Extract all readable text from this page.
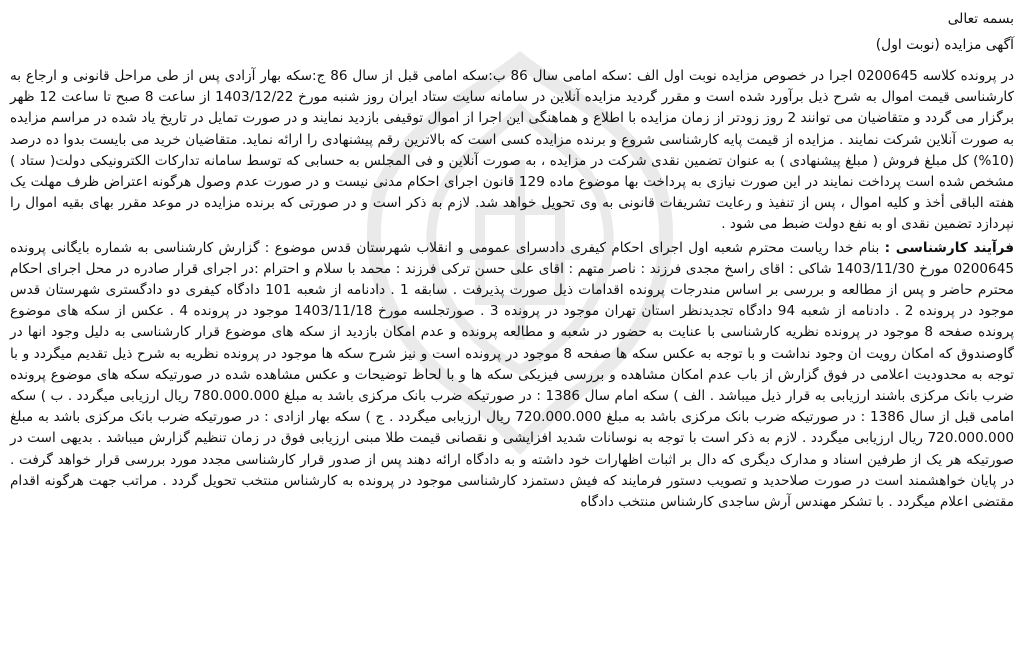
بسمه تعالی

آگهی مزایده (نوبت اول)

در پرونده کلاسه 0200645 اجرا در خصوص مزایده نوبت اول الف :سکه امامی سال 86 ب:سکه امامی قبل از سال 86 ج:سکه بهار آزادی پس از طی مراحل قانونی و ارجاع به کارشناسی قیمت اموال به شرح ذیل برآورد شده است و مقرر گردید مزایده آنلاین در سامانه سایت ستاد ایران روز شنبه مورخ 1403/12/22 از ساعت 8 صبح تا ساعت 12 ظهر برگزار می گردد و متقاضیان می توانند 2 روز زودتر از زمان مزایده با اطلاع و هماهنگی این اجرا از اموال توقیفی بازدید نمایند و در صورت تمایل در تاریخ یاد شده در مراسم مزایده به صورت آنلاین شرکت نمایند . مزایده از قیمت پایه کارشناسی شروع و برنده مزایده کسی است که بالاترین رقم پیشنهادی را ارائه نماید. متقاضیان خرید می بایست بدوا ده درصد (10%) کل مبلغ فروش ( مبلغ پیشنهادی ) به عنوان تضمین نقدی شرکت در مزایده ، به صورت آنلاین و فی المجلس به حسابی که توسط سامانه تدارکات الکترونیکی دولت( ستاد ) مشخص شده است پرداخت نمایند در این صورت نیازی به پرداخت بها موضوع ماده 129 قانون اجرای احکام مدنی نیست و در صورت عدم وصول هرگونه اعتراض ظرف مهلت یک هفته الباقی أخذ و کلیه اموال ، پس از تنفیذ و رعایت تشریفات قانونی به وی تحویل خواهد شد. لازم به ذکر است و در صورتی که برنده مزایده در موعد مقرر بهای بقیه اموال را نپردازد تضمین نقدی او به نفع دولت ضبط می شود .

فرآیند کارشناسی : بنام خدا ریاست محترم شعبه اول اجرای احکام کیفری دادسرای عمومی و انقلاب شهرستان قدس موضوع : گزارش کارشناسی به شماره بایگانی پرونده 0200645 مورخ 1403/11/30 شاکی : اقای راسخ مجدی فرزند : ناصر متهم : اقای علی حسن ترکی فرزند : محمد با سلام و احترام :در اجرای قرار صادره در محل اجرای احکام محترم حاضر و پس از مطالعه و بررسی بر اساس مندرجات پرونده اقدامات ذیل صورت پذیرفت . سابقه 1 . دادنامه از شعبه 101 دادگاه کیفری دو دادگستری شهرستان قدس موجود در پرونده 2 . دادنامه از شعبه 94 دادگاه تجدیدنظر استان تهران موجود در پرونده 3 . صورتجلسه مورخ 1403/11/18 موجود در پرونده 4 . عکس از سکه های موضوع پرونده صفحه 8 موجود در پرونده نظریه کارشناسی با عنایت به حضور در شعبه و مطالعه پرونده و عدم امکان بازدید از سکه های موضوع قرار کارشناسی به دلیل وجود انها در گاوصندوق که امکان رویت ان وجود نداشت و با توجه به عکس سکه ها صفحه 8 موجود در پرونده است و نیز شرح سکه ها موجود در پرونده نظریه به شرح ذیل تقدیم میگردد و با توجه به محدودیت اعلامی در فوق گزارش از باب عدم امکان مشاهده و بررسی فیزیکی سکه ها و با لحاظ توضیحات و عکس مشاهده شده در صورتیکه سکه های موضوع پرونده ضرب بانک مرکزی باشند ارزیابی به قرار ذیل میباشد . الف ) سکه امام سال 1386 : در صورتیکه ضرب بانک مرکزی باشد به مبلغ 780.000.000 ریال ارزیابی میگردد . ب ) سکه امامی قبل از سال 1386 : در صورتیکه ضرب بانک مرکزی باشد به مبلغ 720.000.000 ریال ارزیابی میگردد . ج ) سکه بهار ازادی : در صورتیکه ضرب بانک مرکزی باشد به مبلغ 720.000.000 ریال ارزیابی میگردد . لازم به ذکر است با توجه به نوسانات شدید افزایشی و نقصانی قیمت طلا مبنی ارزیابی فوق در زمان تنظیم گزارش میباشد . بدیهی است در صورتیکه هر یک از طرفین اسناد و مدارک دیگری که دال بر اثبات اظهارات خود داشته و به دادگاه ارائه دهند پس از صدور قرار کارشناسی مجدد مورد بررسی قرار خواهد گرفت . در پایان خواهشمند است در صورت صلاحدید و تصویب دستور فرمایند که فیش دستمزد کارشناسی موجود در پرونده به کارشناس منتخب تحویل گردد . مراتب جهت هرگونه اقدام مقتضی اعلام میگردد . با تشکر مهندس آرش ساجدی کارشناس منتخب دادگاه
